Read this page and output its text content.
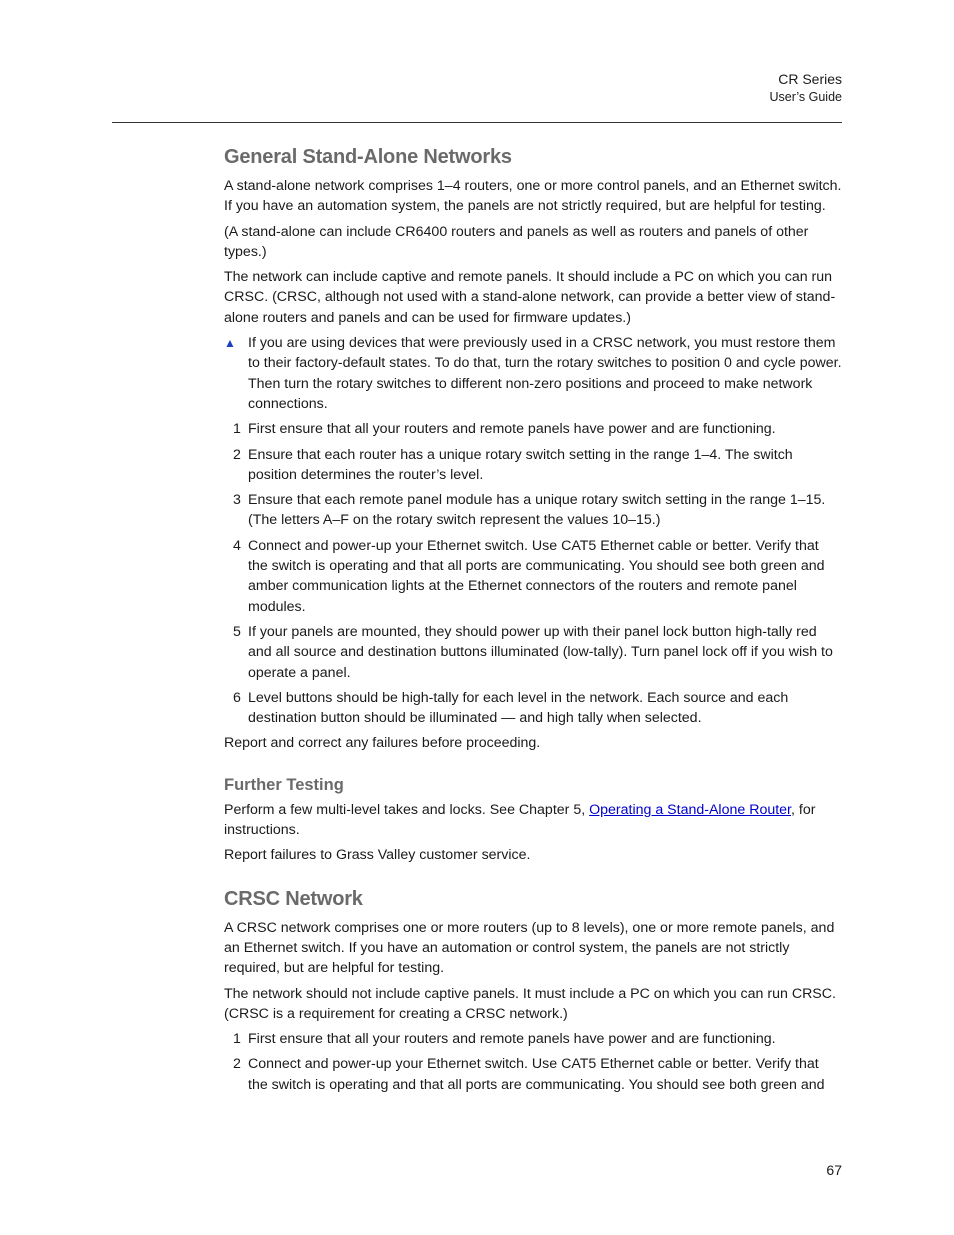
CR Series
User’s Guide
General Stand-Alone Networks

A stand-alone network comprises 1–4 routers, one or more control panels, and an Ethernet switch. If you have an automation system, the panels are not strictly required, but are helpful for testing.

(A stand-alone can include CR6400 routers and panels as well as routers and panels of other types.)

The network can include captive and remote panels. It should include a PC on which you can run CRSC. (CRSC, although not used with a stand-alone network, can provide a better view of stand-alone routers and panels and can be used for firmware updates.)

▲ If you are using devices that were previously used in a CRSC network, you must restore them to their factory-default states. To do that, turn the rotary switches to position 0 and cycle power. Then turn the rotary switches to different non-zero positions and proceed to make network connections.
1 First ensure that all your routers and remote panels have power and are functioning.
2 Ensure that each router has a unique rotary switch setting in the range 1–4. The switch position determines the router’s level.
3 Ensure that each remote panel module has a unique rotary switch setting in the range 1–15. (The letters A–F on the rotary switch represent the values 10–15.)
4 Connect and power-up your Ethernet switch. Use CAT5 Ethernet cable or better. Verify that the switch is operating and that all ports are communicating. You should see both green and amber communication lights at the Ethernet connectors of the routers and remote panel modules.
5 If your panels are mounted, they should power up with their panel lock button high-tally red and all source and destination buttons illuminated (low-tally). Turn panel lock off if you wish to operate a panel.
6 Level buttons should be high-tally for each level in the network. Each source and each destination button should be illuminated — and high tally when selected.

Report and correct any failures before proceeding.

Further Testing

Perform a few multi-level takes and locks. See Chapter 5, Operating a Stand-Alone Router, for instructions.

Report failures to Grass Valley customer service.

CRSC Network

A CRSC network comprises one or more routers (up to 8 levels), one or more remote panels, and an Ethernet switch. If you have an automation or control system, the panels are not strictly required, but are helpful for testing.

The network should not include captive panels. It must include a PC on which you can run CRSC. (CRSC is a requirement for creating a CRSC network.)

1 First ensure that all your routers and remote panels have power and are functioning.
2 Connect and power-up your Ethernet switch. Use CAT5 Ethernet cable or better. Verify that the switch is operating and that all ports are communicating. You should see both green and
67
